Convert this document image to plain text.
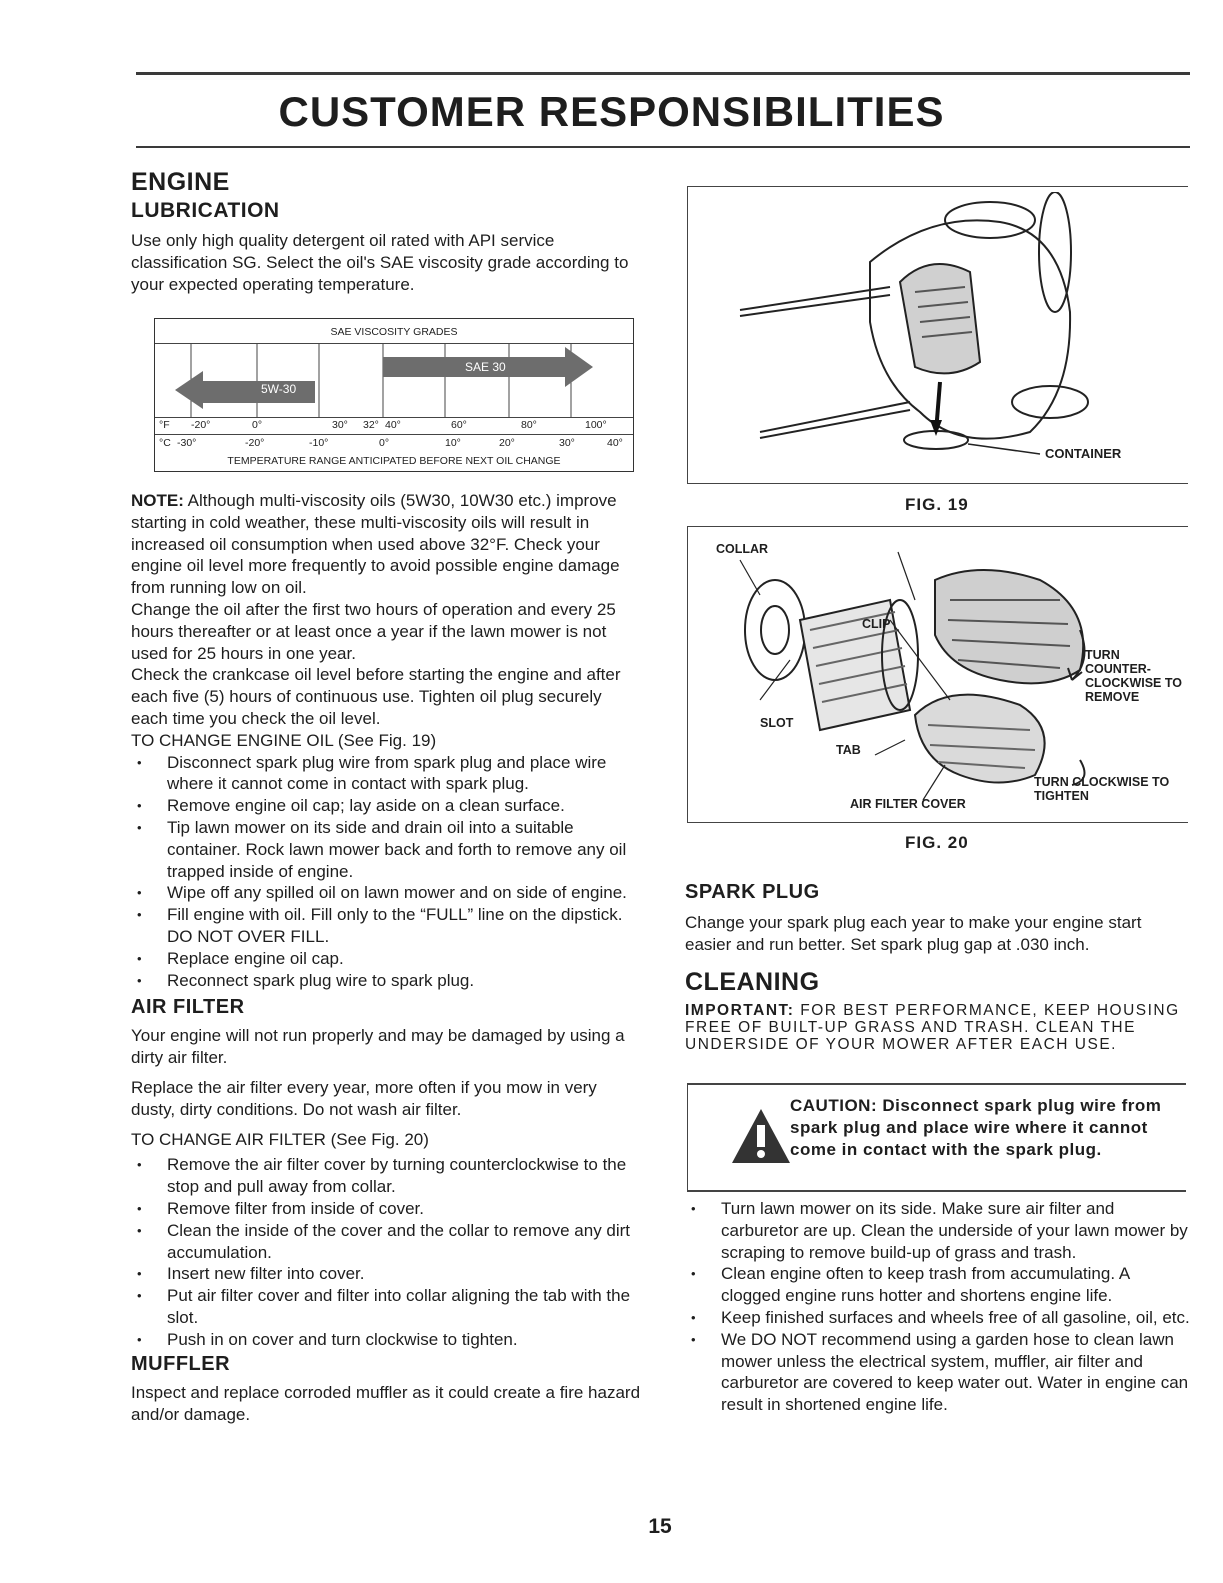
CUSTOMER RESPONSIBILITIES
ENGINE
LUBRICATION

Use only high quality detergent oil rated with API service classification SG. Select the oil's SAE viscosity grade according to your expected operating temperature.

SAE VISCOSITY GRADES
5W-30
SAE 30
°F -20°	0°	30° 32° 40°	60°	80°	100°
°C -30°	-20°	-10°	0°	10°	20°	30°	40°
TEMPERATURE RANGE ANTICIPATED BEFORE NEXT OIL CHANGE

NOTE: Although multi-viscosity oils (5W30, 10W30 etc.) improve starting in cold weather, these multi-viscosity oils will result in increased oil consumption when used above 32°F. Check your engine oil level more frequently to avoid possible engine damage from running low on oil.

Change the oil after the first two hours of operation and every 25 hours thereafter or at least once a year if the lawn mower is not used for 25 hours in one year.

Check the crankcase oil level before starting the engine and after each five (5) hours of continuous use. Tighten oil plug securely each time you check the oil level.

TO CHANGE ENGINE OIL (See Fig. 19)

• Disconnect spark plug wire from spark plug and place wire where it cannot come in contact with spark plug.

• Remove engine oil cap; lay aside on a clean surface.

• Tip lawn mower on its side and drain oil into a suitable container. Rock lawn mower back and forth to remove any oil trapped inside of engine.

• Wipe off any spilled oil on lawn mower and on side of engine.

• Fill engine with oil. Fill only to the “FULL” line on the dipstick. DO NOT OVER FILL.

• Replace engine oil cap.

• Reconnect spark plug wire to spark plug.

AIR FILTER

Your engine will not run properly and may be damaged by using a dirty air filter.

Replace the air filter every year, more often if you mow in very dusty, dirty conditions. Do not wash air filter.

TO CHANGE AIR FILTER (See Fig. 20)

• Remove the air filter cover by turning counterclockwise to the stop and pull away from collar.

• Remove filter from inside of cover.

• Clean the inside of the cover and the collar to remove any dirt accumulation.

• Insert new filter into cover.

• Put air filter cover and filter into collar aligning the tab with the slot.

• Push in on cover and turn clockwise to tighten.

MUFFLER

Inspect and replace corroded muffler as it could create a fire hazard and/or damage.

CONTAINER
FIG. 19
COLLAR
CLIP
SLOT
TAB
TURN COUNTER-CLOCKWISE TO REMOVE
TURN CLOCKWISE TO TIGHTEN
AIR FILTER COVER
FIG. 20
SPARK PLUG

Change your spark plug each year to make your engine start easier and run better. Set spark plug gap at .030 inch.

CLEANING

IMPORTANT: FOR BEST PERFORMANCE, KEEP HOUSING FREE OF BUILT-UP GRASS AND TRASH. CLEAN THE UNDERSIDE OF YOUR MOWER AFTER EACH USE.

CAUTION: Disconnect spark plug wire from spark plug and place wire where it cannot come in contact with the spark plug.

• Turn lawn mower on its side. Make sure air filter and carburetor are up. Clean the underside of your lawn mower by scraping to remove build-up of grass and trash.

• Clean engine often to keep trash from accumulating. A clogged engine runs hotter and shortens engine life.

• Keep finished surfaces and wheels free of all gasoline, oil, etc.

• We DO NOT recommend using a garden hose to clean lawn mower unless the electrical system, muffler, air filter and carburetor are covered to keep water out. Water in engine can result in shortened engine life.

15
